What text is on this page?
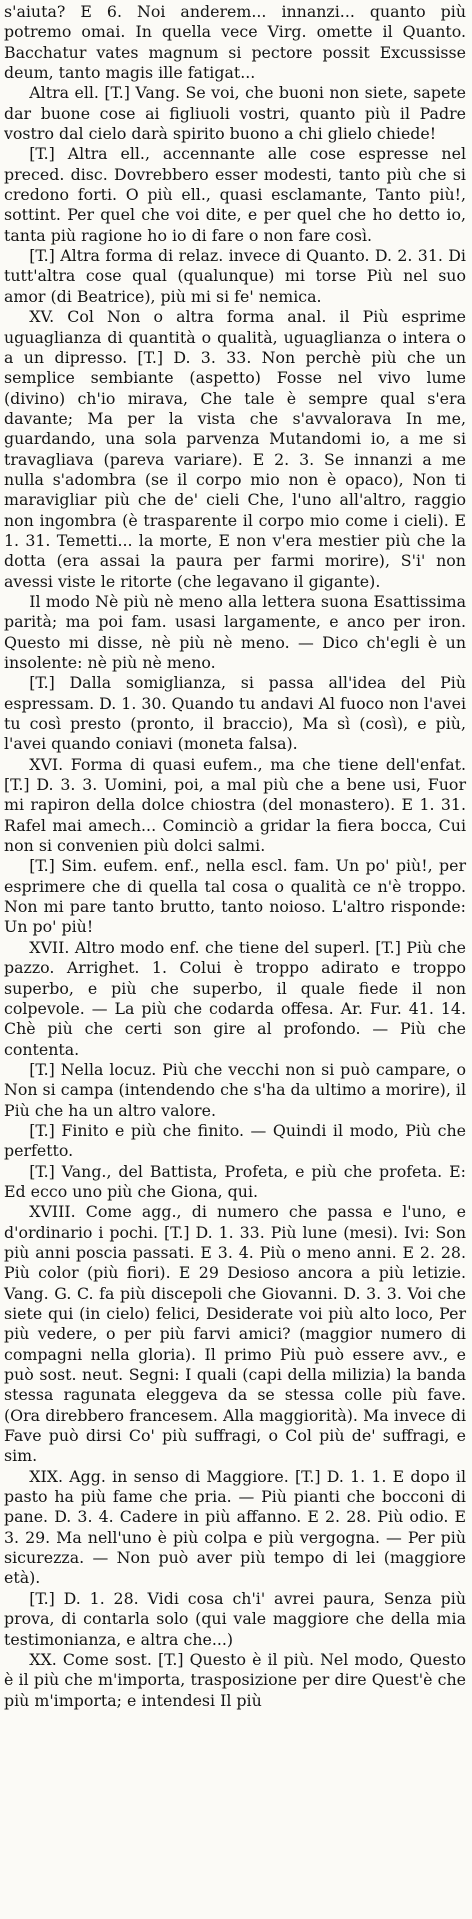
s'aiuta? E 6. Noi anderem... innanzi... quanto più potremo omai. In quella vece Virg. omette il Quanto. Bacchatur vates magnum si pectore possit Excussisse deum, tanto magis ille fatigat...

Altra ell. [T.] Vang. Se voi, che buoni non siete, sapete dar buone cose ai figliuoli vostri, quanto più il Padre vostro dal cielo darà spirito buono a chi glielo chiede!

[T.] Altra ell., accennante alle cose espresse nel preced. disc. Dovrebbero esser modesti, tanto più che si credono forti. O più ell., quasi esclamante, Tanto più!, sottint. Per quel che voi dite, e per quel che ho detto io, tanta più ragione ho io di fare o non fare così.

[T.] Altra forma di relaz. invece di Quanto. D. 2. 31. Di tutt'altra cose qual (qualunque) mi torse Più nel suo amor (di Beatrice), più mi si fe' nemica.

XV. Col Non o altra forma anal. il Più esprime uguaglianza di quantità o qualità, uguaglianza o intera o a un dipresso. [T.] D. 3. 33. Non perchè più che un semplice sembiante (aspetto) Fosse nel vivo lume (divino) ch'io mirava, Che tale è sempre qual s'era davante; Ma per la vista che s'avvalorava In me, guardando, una sola parvenza Mutandomi io, a me si travagliava (pareva variare). E 2. 3. Se innanzi a me nulla s'adombra (se il corpo mio non è opaco), Non ti maravigliar più che de' cieli Che, l'uno all'altro, raggio non ingombra (è trasparente il corpo mio come i cieli). E 1. 31. Temetti... la morte, E non v'era mestier più che la dotta (era assai la paura per farmi morire), S'i' non avessi viste le ritorte (che legavano il gigante).

Il modo Nè più nè meno alla lettera suona Esattissima parità; ma poi fam. usasi largamente, e anco per iron. Questo mi disse, nè più nè meno. — Dico ch'egli è un insolente: nè più nè meno.

[T.] Dalla somiglianza, si passa all'idea del Più espressam. D. 1. 30. Quando tu andavi Al fuoco non l'avei tu così presto (pronto, il braccio), Ma sì (così), e più, l'avei quando coniavi (moneta falsa).

XVI. Forma di quasi eufem., ma che tiene dell'enfat. [T.] D. 3. 3. Uomini, poi, a mal più che a bene usi, Fuor mi rapiron della dolce chiostra (del monastero). E 1. 31. Rafel mai amech... Cominciò a gridar la fiera bocca, Cui non si convenien più dolci salmi.

[T.] Sim. eufem. enf., nella escl. fam. Un po' più!, per esprimere che di quella tal cosa o qualità ce n'è troppo. Non mi pare tanto brutto, tanto noioso. L'altro risponde: Un po' più!

XVII. Altro modo enf. che tiene del superl. [T.] Più che pazzo. Arrighet. 1. Colui è troppo adirato e troppo superbo, e più che superbo, il quale fiede il non colpevole. — La più che codarda offesa. Ar. Fur. 41. 14. Chè più che certi son gire al profondo. — Più che contenta.

[T.] Nella locuz. Più che vecchi non si può campare, o Non si campa (intendendo che s'ha da ultimo a morire), il Più che ha un altro valore.

[T.] Finito e più che finito. — Quindi il modo, Più che perfetto.

[T.] Vang., del Battista, Profeta, e più che profeta. E: Ed ecco uno più che Giona, qui.

XVIII. Come agg., di numero che passa e l'uno, e d'ordinario i pochi. [T.] D. 1. 33. Più lune (mesi). Ivi: Son più anni poscia passati. E 3. 4. Più o meno anni. E 2. 28. Più color (più fiori). E 29 Desioso ancora a più letizie. Vang. G. C. fa più discepoli che Giovanni. D. 3. 3. Voi che siete qui (in cielo) felici, Desiderate voi più alto loco, Per più vedere, o per più farvi amici? (maggior numero di compagni nella gloria). Il primo Più può essere avv., e può sost. neut. Segni: I quali (capi della milizia) la banda stessa ragunata eleggeva da se stessa colle più fave. (Ora direbbero francesem. Alla maggiorità). Ma invece di Fave può dirsi Co' più suffragi, o Col più de' suffragi, e sim.

XIX. Agg. in senso di Maggiore. [T.] D. 1. 1. E dopo il pasto ha più fame che pria. — Più pianti che bocconi di pane. D. 3. 4. Cadere in più affanno. E 2. 28. Più odio. E 3. 29. Ma nell'uno è più colpa e più vergogna. — Per più sicurezza. — Non può aver più tempo di lei (maggiore età).

[T.] D. 1. 28. Vidi cosa ch'i' avrei paura, Senza più prova, di contarla solo (qui vale maggiore che della mia testimonianza, e altra che...)

XX. Come sost. [T.] Questo è il più. Nel modo, Questo è il più che m'importa, trasposizione per dire Quest'è che più m'importa; e intendesi Il più
